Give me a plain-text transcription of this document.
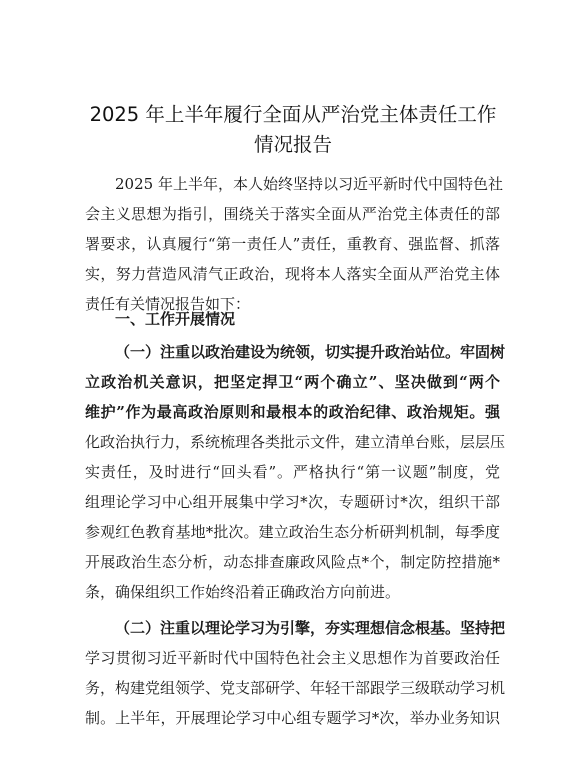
2025 年上半年履行全面从严治党主体责任工作
情况报告
2025 年上半年，本人始终坚持以习近平新时代中国特色社
会主义思想为指引，围绕关于落实全面从严治党主体责任的部
署要求，认真履行“第一责任人”责任，重教育、强监督、抓落
实，努力营造风清气正政治，现将本人落实全面从严治党主体
责任有关情况报告如下：
一、工作开展情况
（一）注重以政治建设为统领，切实提升政治站位。牢固树
立政治机关意识，把坚定捍卫“两个确立”、坚决做到“两个
维护”作为最高政治原则和最根本的政治纪律、政治规矩。强
化政治执行力，系统梳理各类批示文件，建立清单台账，层层压
实责任，及时进行“回头看”。严格执行“第一议题”制度，党
组理论学习中心组开展集中学习*次，专题研讨*次，组织干部
参观红色教育基地*批次。建立政治生态分析研判机制，每季度
开展政治生态分析，动态排查廉政风险点*个，制定防控措施*
条，确保组织工作始终沿着正确政治方向前进。
（二）注重以理论学习为引擎，夯实理想信念根基。坚持把
学习贯彻习近平新时代中国特色社会主义思想作为首要政治任
务，构建党组领学、党支部研学、年轻干部跟学三级联动学习机
制。上半年，开展理论学习中心组专题学习*次，举办业务知识
